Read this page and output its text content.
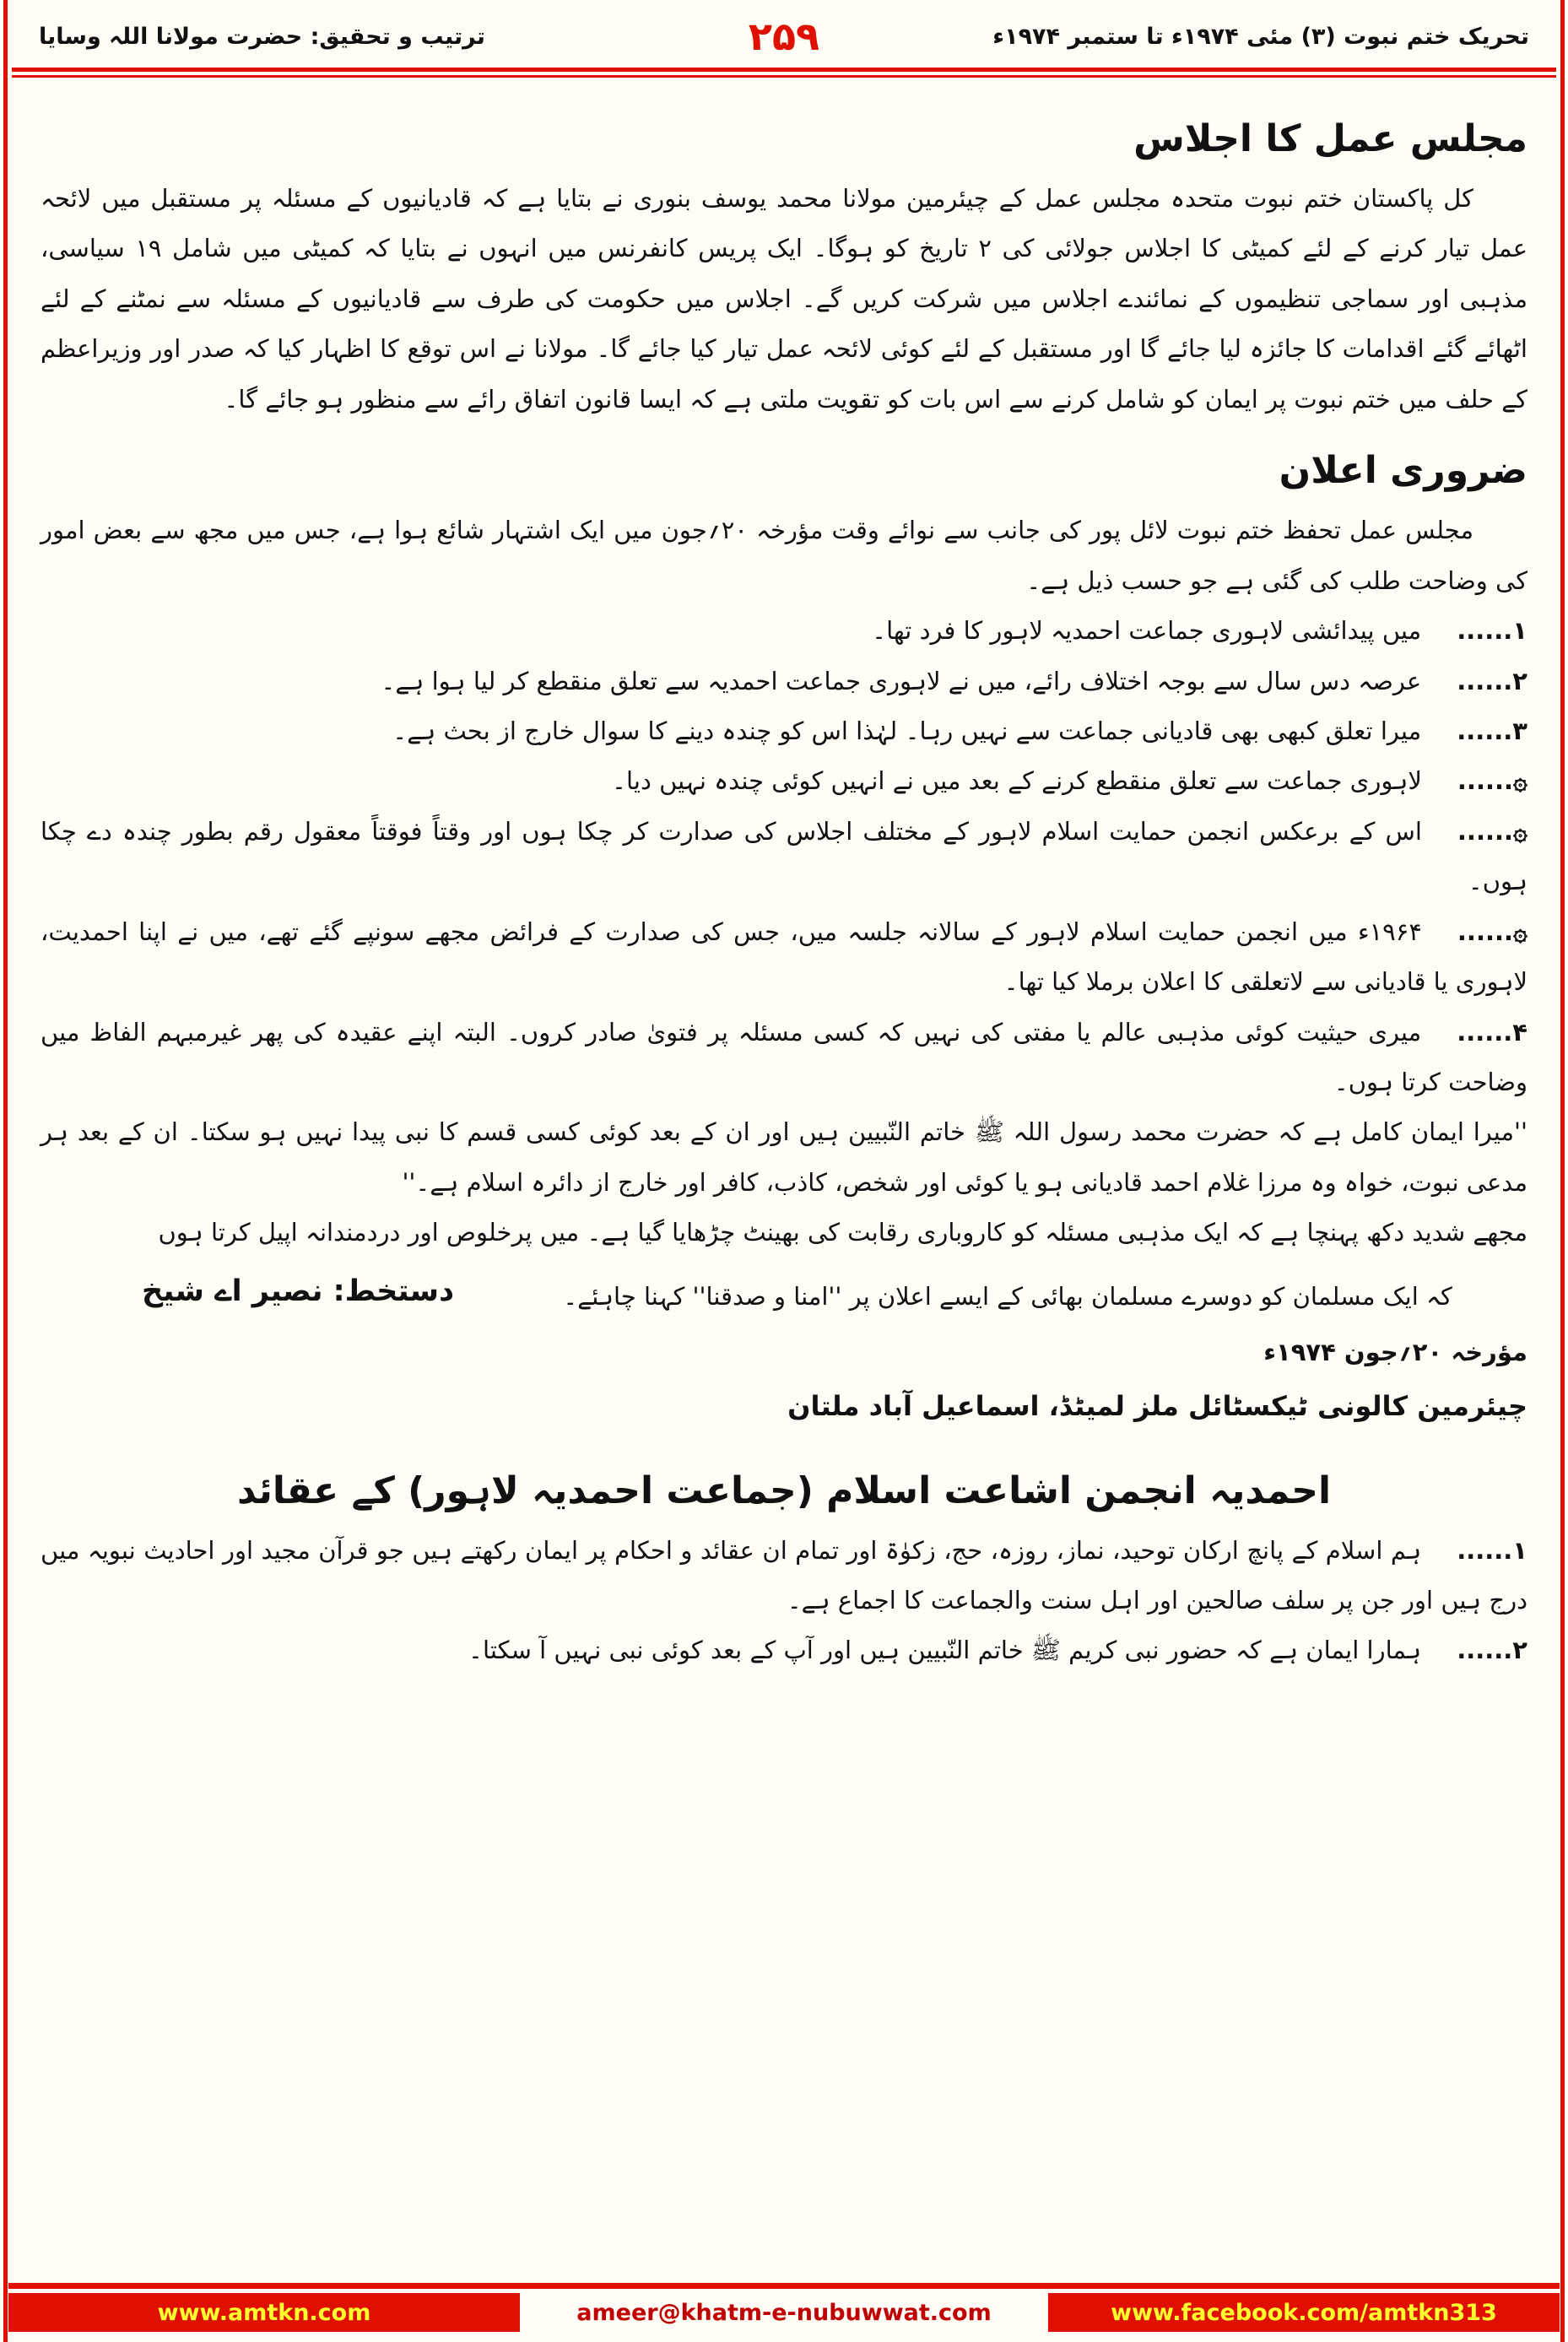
تحریک ختم نبوت (۳) مئی ۱۹۷۴ء تا ستمبر ۱۹۷۴ء
۲۵۹
ترتیب و تحقیق: حضرت مولانا اللہ وسایا
مجلس عمل کا اجلاس

کل پاکستان ختم نبوت متحدہ مجلس عمل کے چیئرمین مولانا محمد یوسف بنوری نے بتایا ہے کہ قادیانیوں کے مسئلہ پر مستقبل میں لائحہ عمل تیار کرنے کے لئے کمیٹی کا اجلاس جولائی کی ۲ تاریخ کو ہوگا۔ ایک پریس کانفرنس میں انہوں نے بتایا کہ کمیٹی میں شامل ۱۹ سیاسی، مذہبی اور سماجی تنظیموں کے نمائندے اجلاس میں شرکت کریں گے۔ اجلاس میں حکومت کی طرف سے قادیانیوں کے مسئلہ سے نمٹنے کے لئے اٹھائے گئے اقدامات کا جائزہ لیا جائے گا اور مستقبل کے لئے کوئی لائحہ عمل تیار کیا جائے گا۔ مولانا نے اس توقع کا اظہار کیا کہ صدر اور وزیراعظم کے حلف میں ختم نبوت پر ایمان کو شامل کرنے سے اس بات کو تقویت ملتی ہے کہ ایسا قانون اتفاق رائے سے منظور ہو جائے گا۔

ضروری اعلان

مجلس عمل تحفظ ختم نبوت لائل پور کی جانب سے نوائے وقت مؤرخہ ۲۰؍جون میں ایک اشتہار شائع ہوا ہے، جس میں مجھ سے بعض امور کی وضاحت طلب کی گئی ہے جو حسب ذیل ہے۔

۱......میں پیدائشی لاہوری جماعت احمدیہ لاہور کا فرد تھا۔

۲......عرصہ دس سال سے بوجہ اختلاف رائے، میں نے لاہوری جماعت احمدیہ سے تعلق منقطع کر لیا ہوا ہے۔

۳......میرا تعلق کبھی بھی قادیانی جماعت سے نہیں رہا۔ لہٰذا اس کو چندہ دینے کا سوال خارج از بحث ہے۔

۞......لاہوری جماعت سے تعلق منقطع کرنے کے بعد میں نے انہیں کوئی چندہ نہیں دیا۔

۞......اس کے برعکس انجمن حمایت اسلام لاہور کے مختلف اجلاس کی صدارت کر چکا ہوں اور وقتاً فوقتاً معقول رقم بطور چندہ دے چکا ہوں۔

۞......۱۹۶۴ء میں انجمن حمایت اسلام لاہور کے سالانہ جلسہ میں، جس کی صدارت کے فرائض مجھے سونپے گئے تھے، میں نے اپنا احمدیت، لاہوری یا قادیانی سے لاتعلقی کا اعلان برملا کیا تھا۔

۴......میری حیثیت کوئی مذہبی عالم یا مفتی کی نہیں کہ کسی مسئلہ پر فتویٰ صادر کروں۔ البتہ اپنے عقیدہ کی پھر غیرمبہم الفاظ میں وضاحت کرتا ہوں۔

''میرا ایمان کامل ہے کہ حضرت محمد رسول اللہ ﷺ خاتم النّبیین ہیں اور ان کے بعد کوئی کسی قسم کا نبی پیدا نہیں ہو سکتا۔ ان کے بعد ہر مدعی نبوت، خواہ وہ مرزا غلام احمد قادیانی ہو یا کوئی اور شخص، کاذب، کافر اور خارج از دائرہ اسلام ہے۔''

مجھے شدید دکھ پہنچا ہے کہ ایک مذہبی مسئلہ کو کاروباری رقابت کی بھینٹ چڑھایا گیا ہے۔ میں پرخلوص اور دردمندانہ اپیل کرتا ہوں

کہ ایک مسلمان کو دوسرے مسلمان بھائی کے ایسے اعلان پر ''امنا و صدقنا'' کہنا چاہئے۔

دستخط: نصیر اے شیخ

مؤرخہ ۲۰؍جون ۱۹۷۴ء

چیئرمین کالونی ٹیکسٹائل ملز لمیٹڈ، اسماعیل آباد ملتان

احمدیہ انجمن اشاعت اسلام (جماعت احمدیہ لاہور) کے عقائد

۱......ہم اسلام کے پانچ ارکان توحید، نماز، روزہ، حج، زکوٰۃ اور تمام ان عقائد و احکام پر ایمان رکھتے ہیں جو قرآن مجید اور احادیث نبویہ میں درج ہیں اور جن پر سلف صالحین اور اہل سنت والجماعت کا اجماع ہے۔

۲......ہمارا ایمان ہے کہ حضور نبی کریم ﷺ خاتم النّبیین ہیں اور آپ کے بعد کوئی نبی نہیں آ سکتا۔

www.amtkn.com	ameer@khatm-e-nubuwwat.com	www.facebook.com/amtkn313
